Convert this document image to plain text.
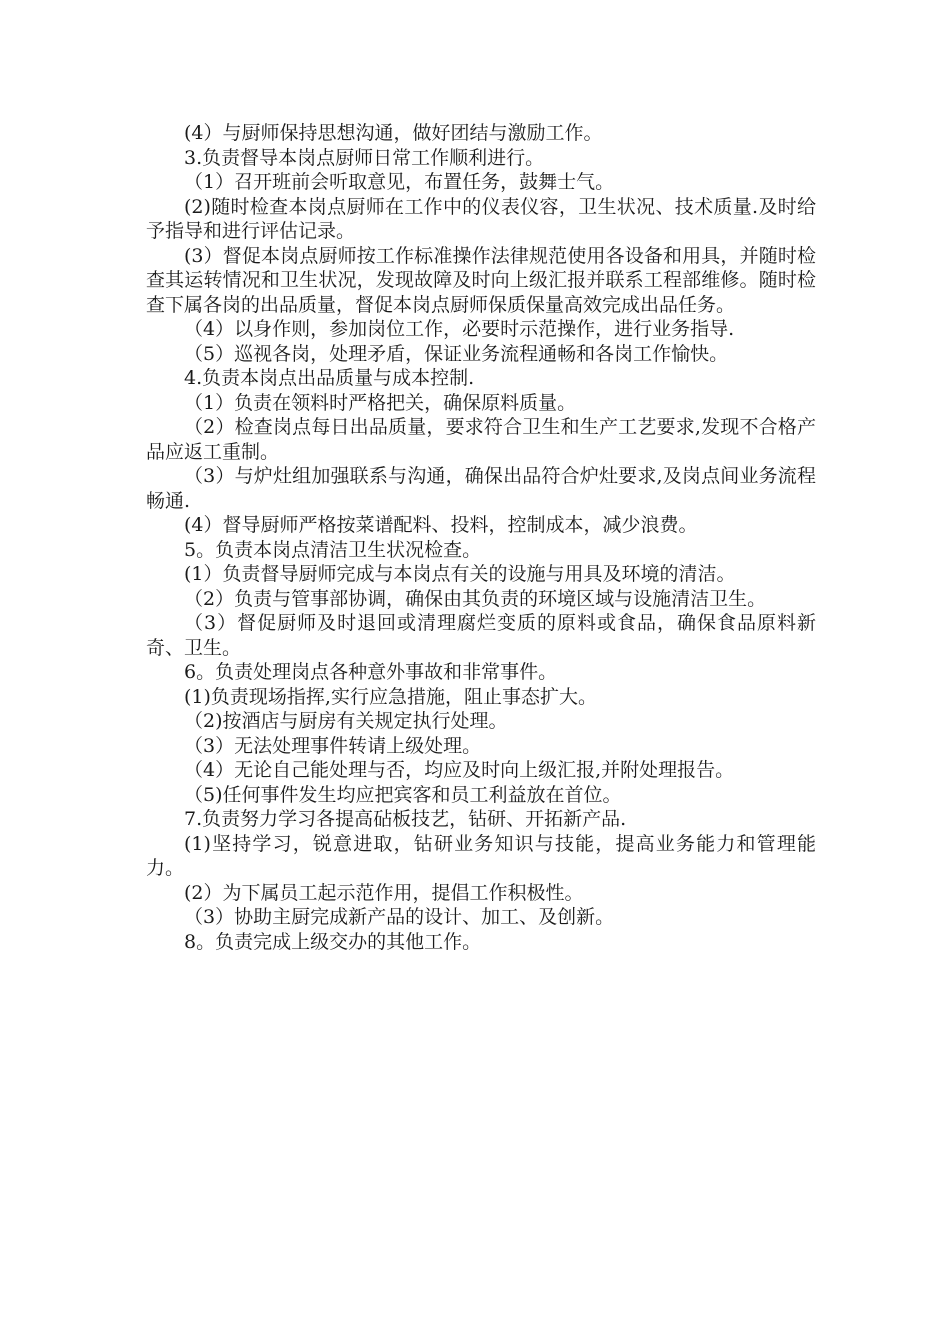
(4）与厨师保持思想沟通，做好团结与激励工作。

3.负责督导本岗点厨师日常工作顺利进行。

（1）召开班前会听取意见，布置任务，鼓舞士气。

(2)随时检查本岗点厨师在工作中的仪表仪容，卫生状况、技术质量.及时给予指导和进行评估记录。

(3）督促本岗点厨师按工作标准操作法律规范使用各设备和用具，并随时检查其运转情况和卫生状况，发现故障及时向上级汇报并联系工程部维修。随时检查下属各岗的出品质量，督促本岗点厨师保质保量高效完成出品任务。

（4）以身作则，参加岗位工作，必要时示范操作，进行业务指导.

（5）巡视各岗，处理矛盾，保证业务流程通畅和各岗工作愉快。

4.负责本岗点出品质量与成本控制.

（1）负责在领料时严格把关，确保原料质量。

（2）检查岗点每日出品质量，要求符合卫生和生产工艺要求,发现不合格产品应返工重制。

（3）与炉灶组加强联系与沟通，确保出品符合炉灶要求,及岗点间业务流程畅通.

(4）督导厨师严格按菜谱配料、投料，控制成本，减少浪费。

5。负责本岗点清洁卫生状况检查。

(1）负责督导厨师完成与本岗点有关的设施与用具及环境的清洁。

（2）负责与管事部协调，确保由其负责的环境区域与设施清洁卫生。

（3）督促厨师及时退回或清理腐烂变质的原料或食品，确保食品原料新奇、卫生。

6。负责处理岗点各种意外事故和非常事件。

(1)负责现场指挥,实行应急措施，阻止事态扩大。

（2)按酒店与厨房有关规定执行处理。

（3）无法处理事件转请上级处理。

（4）无论自己能处理与否，均应及时向上级汇报,并附处理报告。

（5)任何事件发生均应把宾客和员工利益放在首位。

7.负责努力学习各提高砧板技艺，钻研、开拓新产品.

(1)坚持学习，锐意进取，钻研业务知识与技能，提高业务能力和管理能力。

(2）为下属员工起示范作用，提倡工作积极性。

（3）协助主厨完成新产品的设计、加工、及创新。

8。负责完成上级交办的其他工作。
